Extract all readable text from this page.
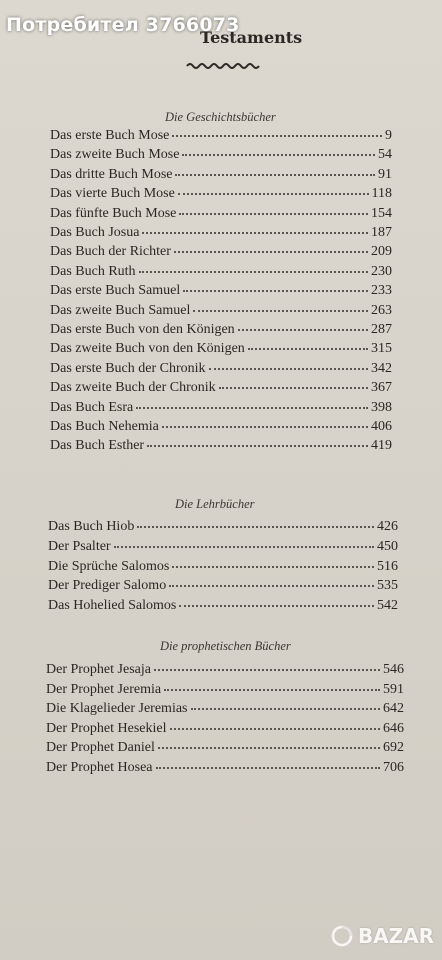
Потребител 3766073
Testaments
Die Geschichtsbücher
Das erste Buch Mose	9
Das zweite Buch Mose	54
Das dritte Buch Mose	91
Das vierte Buch Mose	118
Das fünfte Buch Mose	154
Das Buch Josua	187
Das Buch der Richter	209
Das Buch Ruth	230
Das erste Buch Samuel	233
Das zweite Buch Samuel	263
Das erste Buch von den Königen	287
Das zweite Buch von den Königen	315
Das erste Buch der Chronik	342
Das zweite Buch der Chronik	367
Das Buch Esra	398
Das Buch Nehemia	406
Das Buch Esther	419
Die Lehrbücher
Das Buch Hiob	426
Der Psalter	450
Die Sprüche Salomos	516
Der Prediger Salomo	535
Das Hohelied Salomos	542
Die prophetischen Bücher
Der Prophet Jesaja	546
Der Prophet Jeremia	591
Die Klagelieder Jeremias	642
Der Prophet Hesekiel	646
Der Prophet Daniel	692
Der Prophet Hosea	706
BAZAR
